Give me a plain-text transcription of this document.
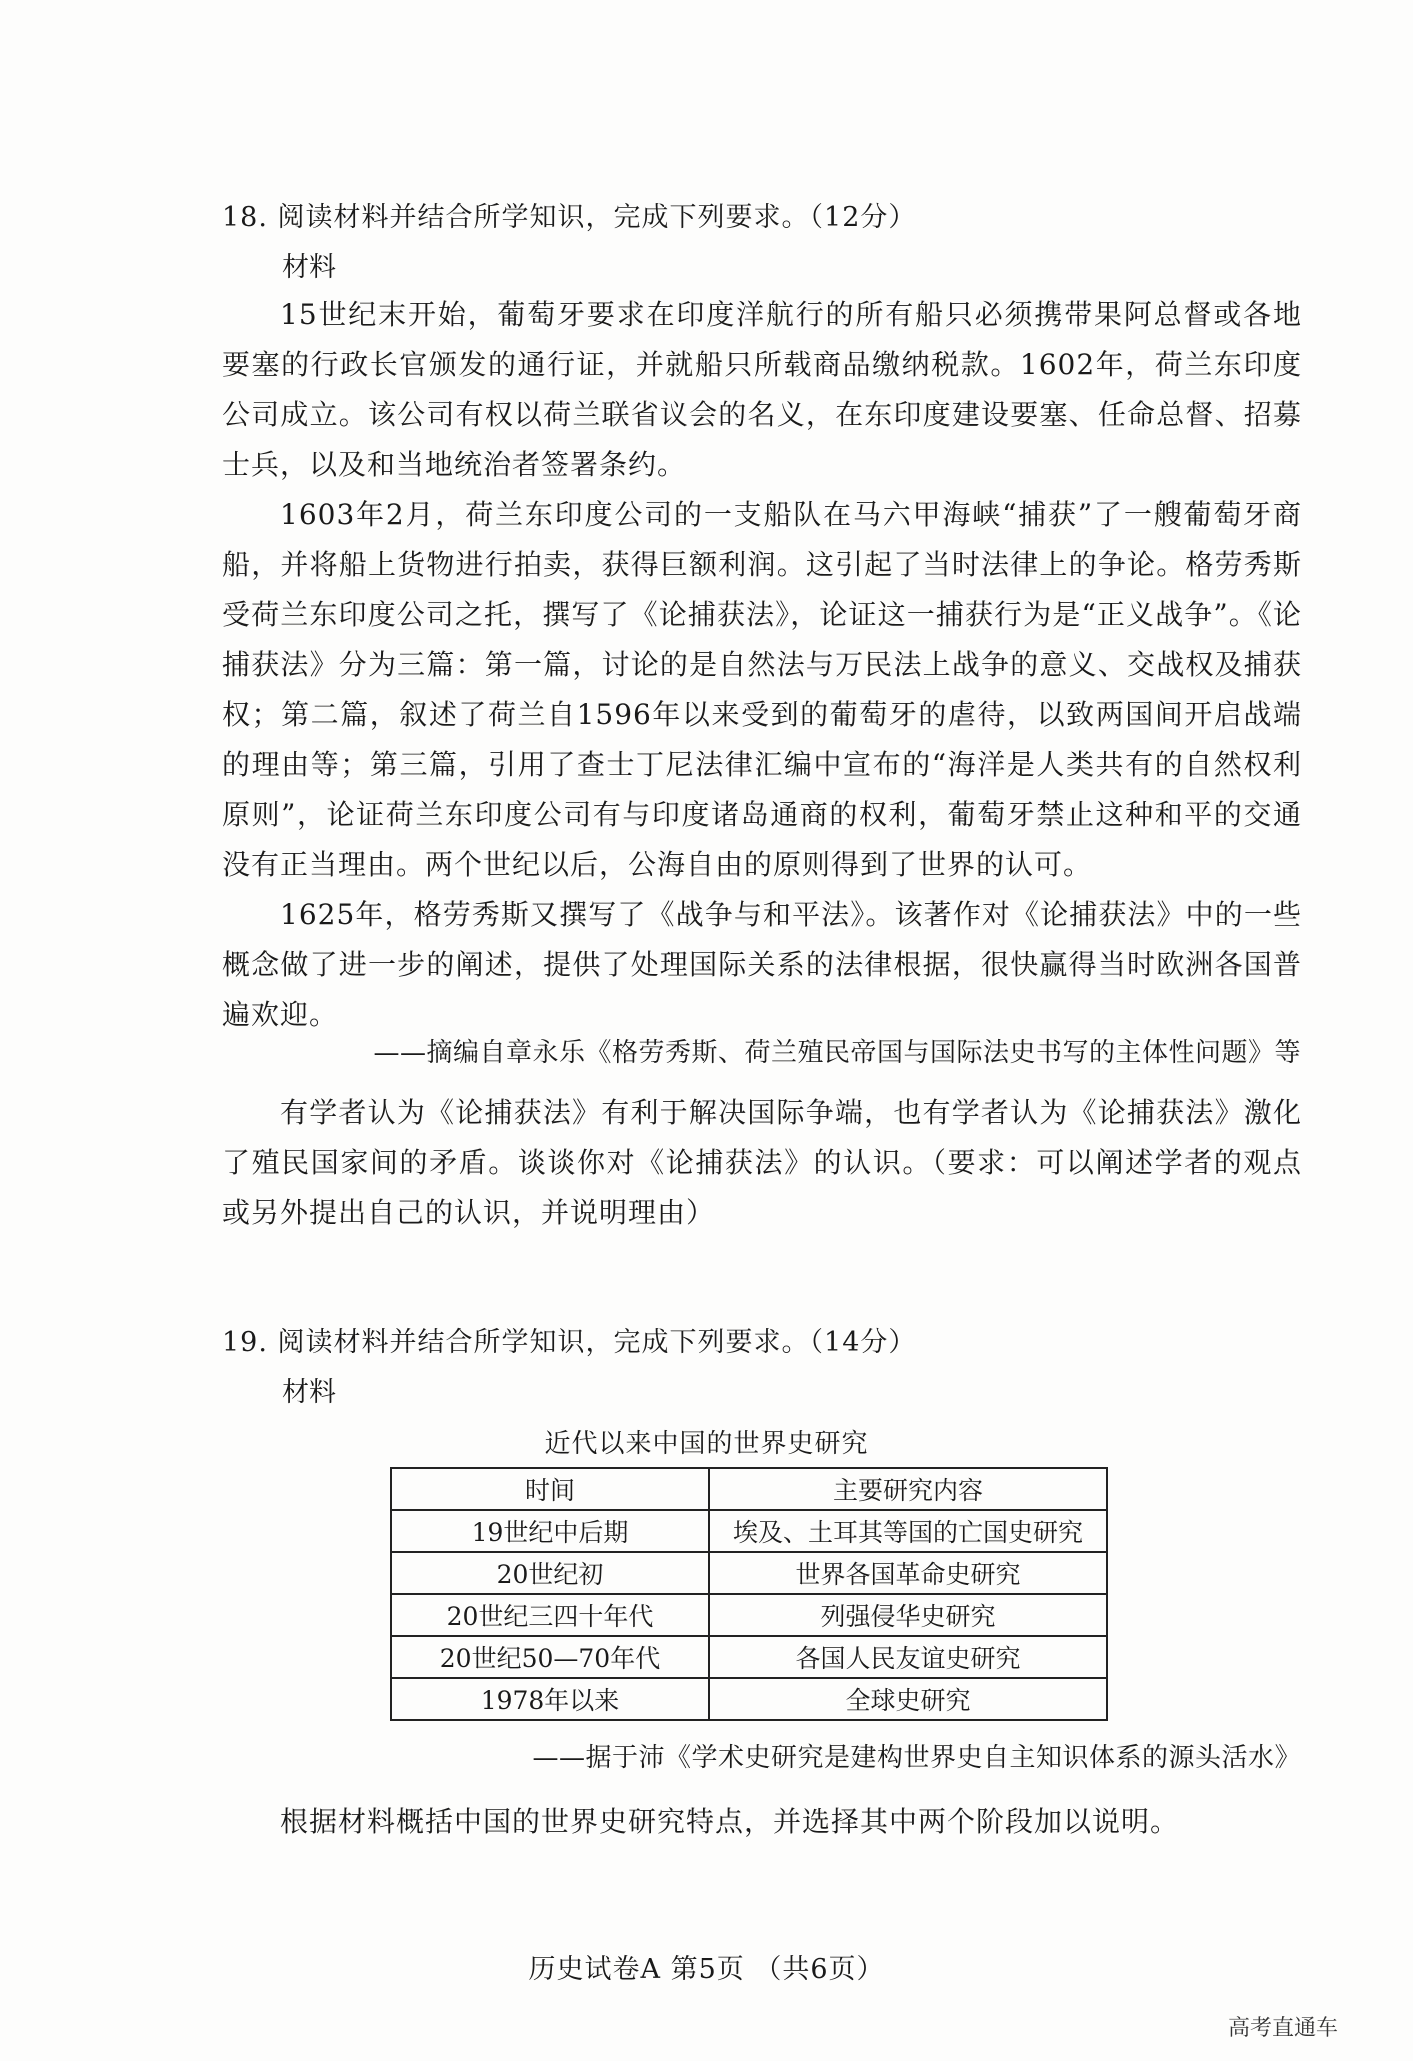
18. 阅读材料并结合所学知识，完成下列要求。（12分）
材料

15世纪末开始，葡萄牙要求在印度洋航行的所有船只必须携带果阿总督或各地要塞的行政长官颁发的通行证，并就船只所载商品缴纳税款。1602年，荷兰东印度公司成立。该公司有权以荷兰联省议会的名义，在东印度建设要塞、任命总督、招募士兵，以及和当地统治者签署条约。

1603年2月，荷兰东印度公司的一支船队在马六甲海峡“捕获”了一艘葡萄牙商船，并将船上货物进行拍卖，获得巨额利润。这引起了当时法律上的争论。格劳秀斯受荷兰东印度公司之托，撰写了《论捕获法》，论证这一捕获行为是“正义战争”。《论捕获法》分为三篇：第一篇，讨论的是自然法与万民法上战争的意义、交战权及捕获权；第二篇，叙述了荷兰自1596年以来受到的葡萄牙的虐待，以致两国间开启战端的理由等；第三篇，引用了查士丁尼法律汇编中宣布的“海洋是人类共有的自然权利原则”，论证荷兰东印度公司有与印度诸岛通商的权利，葡萄牙禁止这种和平的交通没有正当理由。两个世纪以后，公海自由的原则得到了世界的认可。

1625年，格劳秀斯又撰写了《战争与和平法》。该著作对《论捕获法》中的一些概念做了进一步的阐述，提供了处理国际关系的法律根据，很快赢得当时欧洲各国普遍欢迎。

——摘编自章永乐《格劳秀斯、荷兰殖民帝国与国际法史书写的主体性问题》等

有学者认为《论捕获法》有利于解决国际争端，也有学者认为《论捕获法》激化了殖民国家间的矛盾。谈谈你对《论捕获法》的认识。（要求：可以阐述学者的观点或另外提出自己的认识，并说明理由）

19. 阅读材料并结合所学知识，完成下列要求。（14分）
材料
近代以来中国的世界史研究
时间	主要研究内容
19世纪中后期	埃及、土耳其等国的亡国史研究
20世纪初	世界各国革命史研究
20世纪三四十年代	列强侵华史研究
20世纪50—70年代	各国人民友谊史研究
1978年以来	全球史研究
——据于沛《学术史研究是建构世界史自主知识体系的源头活水》

根据材料概括中国的世界史研究特点，并选择其中两个阶段加以说明。

历史试卷A 第5页 （共6页）
高考直通车
